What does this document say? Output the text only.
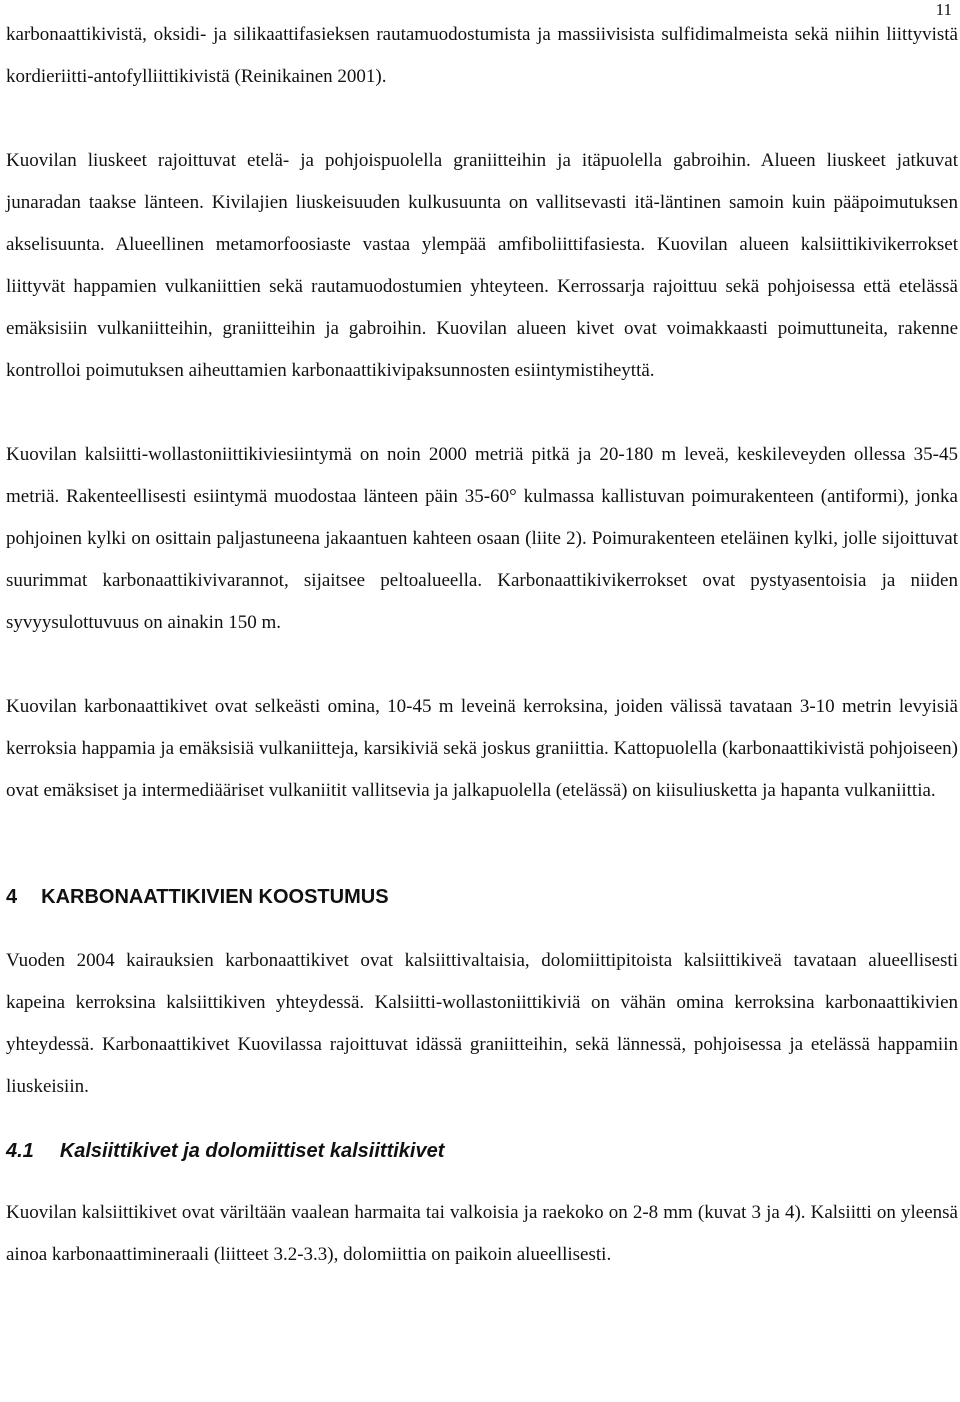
11

karbonaattikivistä, oksidi- ja silikaattifasieksen rautamuodostumista ja massiivisista sulfidimalmeista sekä niihin liittyvistä kordieriitti-antofylliittikivistä (Reinikainen 2001).

Kuovilan liuskeet rajoittuvat etelä- ja pohjoispuolella graniitteihin ja itäpuolella gabroihin. Alueen liuskeet jatkuvat junaradan taakse länteen. Kivilajien liuskeisuuden kulkusuunta on vallitsevasti itä-läntinen samoin kuin pääpoimutuksen akselisuunta. Alueellinen metamorfoosiaste vastaa ylempää amfiboliittifasiesta. Kuovilan alueen kalsiittikivikerrokset liittyvät happamien vulkaniittien sekä rautamuodostumien yhteyteen. Kerrossarja rajoittuu sekä pohjoisessa että etelässä emäksisiin vulkaniitteihin, graniitteihin ja gabroihin. Kuovilan alueen kivet ovat voimakkaasti poimuttuneita, rakenne kontrolloi poimutuksen aiheuttamien karbonaattikivipaksunnosten esiintymistiheyttä.

Kuovilan kalsiitti-wollastoniittikiviesiintymä on noin 2000 metriä pitkä ja 20-180 m leveä, keskileveyden ollessa 35-45 metriä. Rakenteellisesti esiintymä muodostaa länteen päin 35-60° kulmassa kallistuvan poimurakenteen (antiformi), jonka pohjoinen kylki on osittain paljastuneena jakaantuen kahteen osaan (liite 2). Poimurakenteen eteläinen kylki, jolle sijoittuvat suurimmat karbonaattikivivarannot, sijaitsee peltoalueella. Karbonaattikivikerrokset ovat pystyasentoisia ja niiden syvyysulottuvuus on ainakin 150 m.

Kuovilan karbonaattikivet ovat selkeästi omina, 10-45 m leveinä kerroksina, joiden välissä tavataan 3-10 metrin levyisiä kerroksia happamia ja emäksisiä vulkaniitteja, karsikiviä sekä joskus graniittia. Kattopuolella (karbonaattikivistä pohjoiseen) ovat emäksiset ja intermediääriset vulkaniitit vallitsevia ja jalkapuolella (etelässä) on kiisuliusketta ja hapanta vulkaniittia.

4 KARBONAATTIKIVIEN KOOSTUMUS

Vuoden 2004 kairauksien karbonaattikivet ovat kalsiittivaltaisia, dolomiittipitoista kalsiittikiveä tavataan alueellisesti kapeina kerroksina kalsiittikiven yhteydessä. Kalsiitti-wollastoniittikiviä on vähän omina kerroksina karbonaattikivien yhteydessä. Karbonaattikivet Kuovilassa rajoittuvat idässä graniitteihin, sekä lännessä, pohjoisessa ja etelässä happamiin liuskeisiin.

4.1 Kalsiittikivet ja dolomiittiset kalsiittikivet

Kuovilan kalsiittikivet ovat väriltään vaalean harmaita tai valkoisia ja raekoko on 2-8 mm (kuvat 3 ja 4). Kalsiitti on yleensä ainoa karbonaattimineraali (liitteet 3.2-3.3), dolomiittia on paikoin alueellisesti.
